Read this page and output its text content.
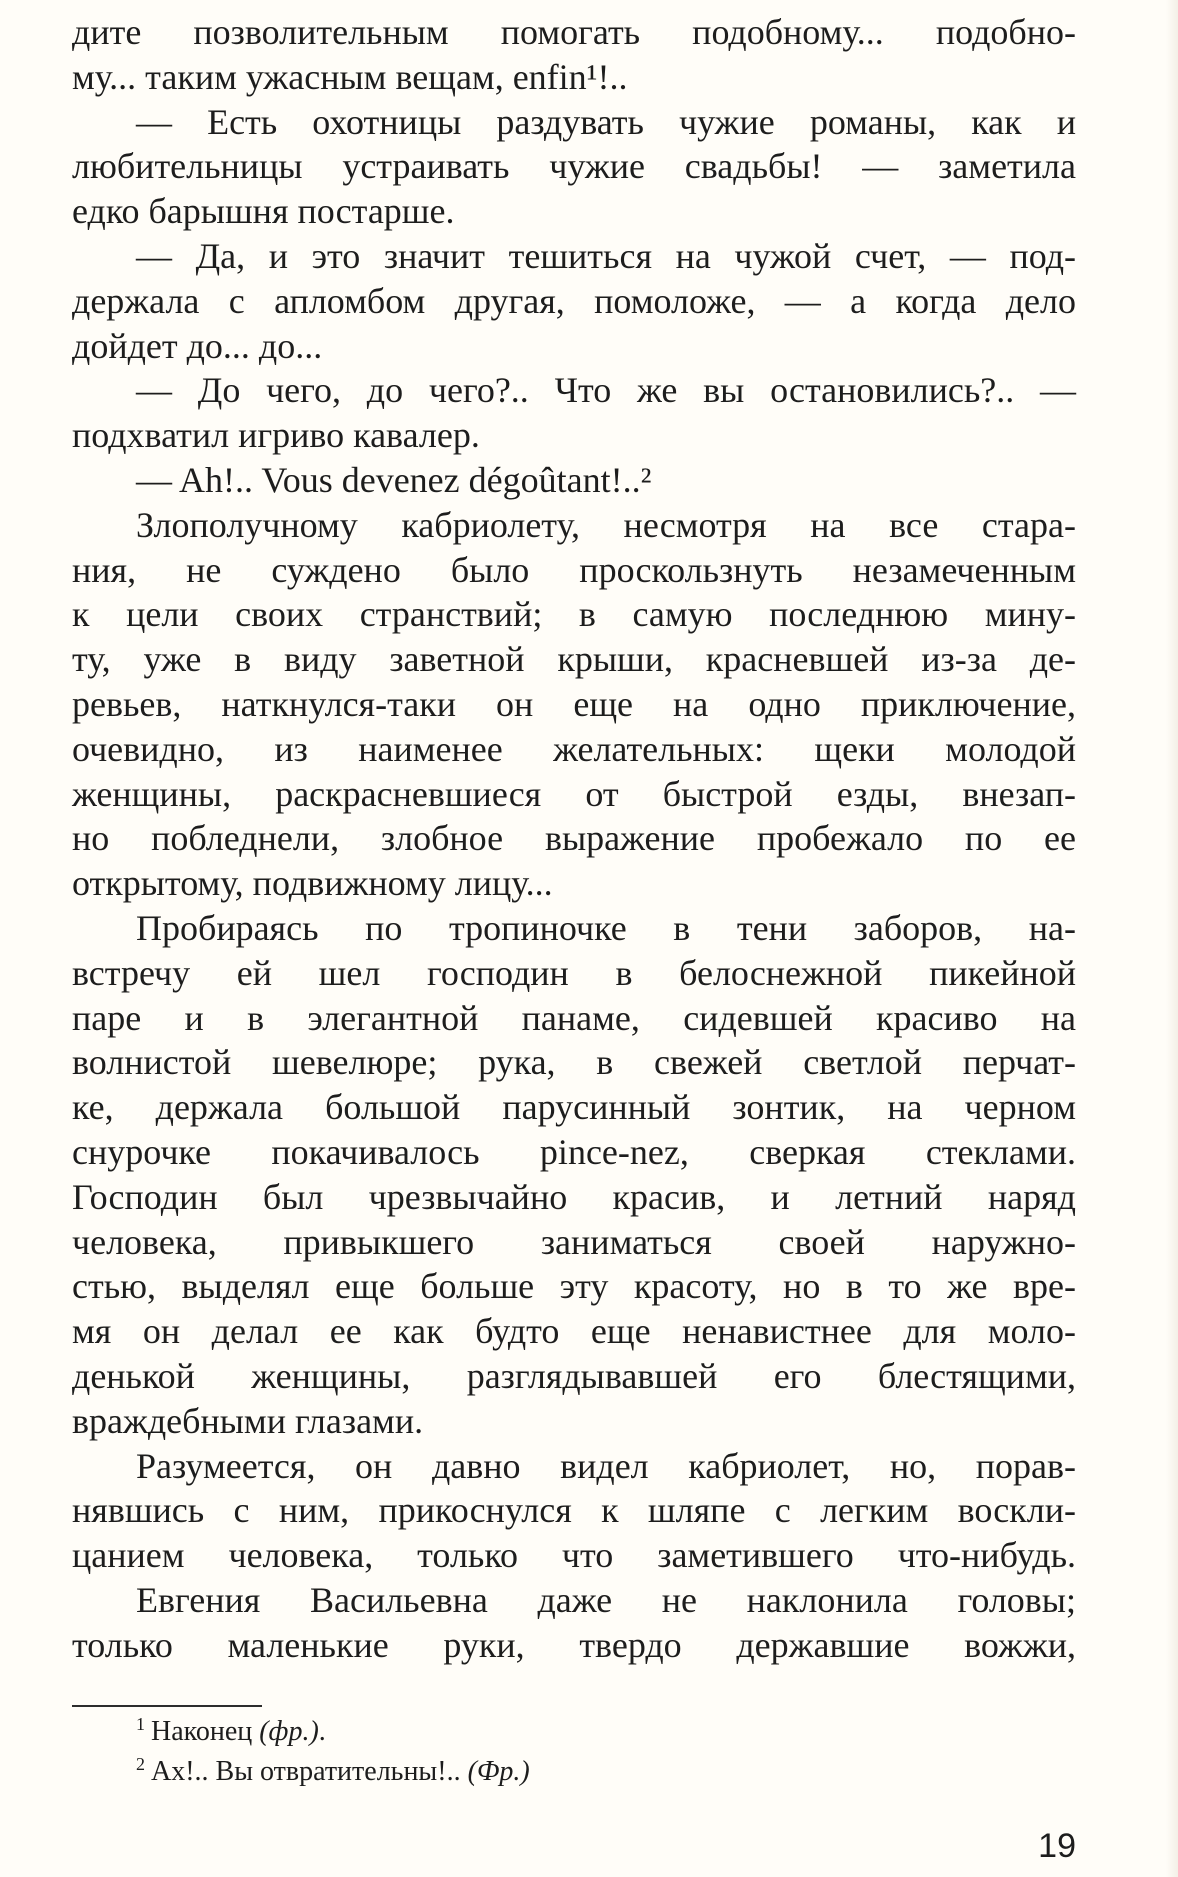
дите позволительным помогать подобному... подобно-
му... таким ужасным вещам, enfin¹!..
— Есть охотницы раздувать чужие романы, как и
любительницы устраивать чужие свадьбы! — заметила
едко барышня постарше.
— Да, и это значит тешиться на чужой счет, — под-
держала с апломбом другая, помоложе, — а когда дело
дойдет до... до...
— До чего, до чего?.. Что же вы остановились?.. —
подхватил игриво кавалер.
— Ah!.. Vous devenez dégoûtant!..²
Злополучному кабриолету, несмотря на все стара-
ния, не суждено было проскользнуть незамеченным
к цели своих странствий; в самую последнюю мину-
ту, уже в виду заветной крыши, красневшей из-за де-
ревьев, наткнулся-таки он еще на одно приключение,
очевидно, из наименее желательных: щеки молодой
женщины, раскрасневшиеся от быстрой езды, внезап-
но побледнели, злобное выражение пробежало по ее
открытому, подвижному лицу...
Пробираясь по тропиночке в тени заборов, на-
встречу ей шел господин в белоснежной пикейной
паре и в элегантной панаме, сидевшей красиво на
волнистой шевелюре; рука, в свежей светлой перчат-
ке, держала большой парусинный зонтик, на черном
снурочке покачивалось pince-nez, сверкая стеклами.
Господин был чрезвычайно красив, и летний наряд
человека, привыкшего заниматься своей наружно-
стью, выделял еще больше эту красоту, но в то же вре-
мя он делал ее как будто еще ненавистнее для моло-
денькой женщины, разглядывавшей его блестящими,
враждебными глазами.
Разумеется, он давно видел кабриолет, но, порав-
нявшись с ним, прикоснулся к шляпе с легким воскли-
цанием человека, только что заметившего что-нибудь.
Евгения Васильевна даже не наклонила головы;
только маленькие руки, твердо державшие вожжи,
$^1$ Наконец (фр.).
$^2$ Ах!.. Вы отвратительны!.. (Фр.)
19
